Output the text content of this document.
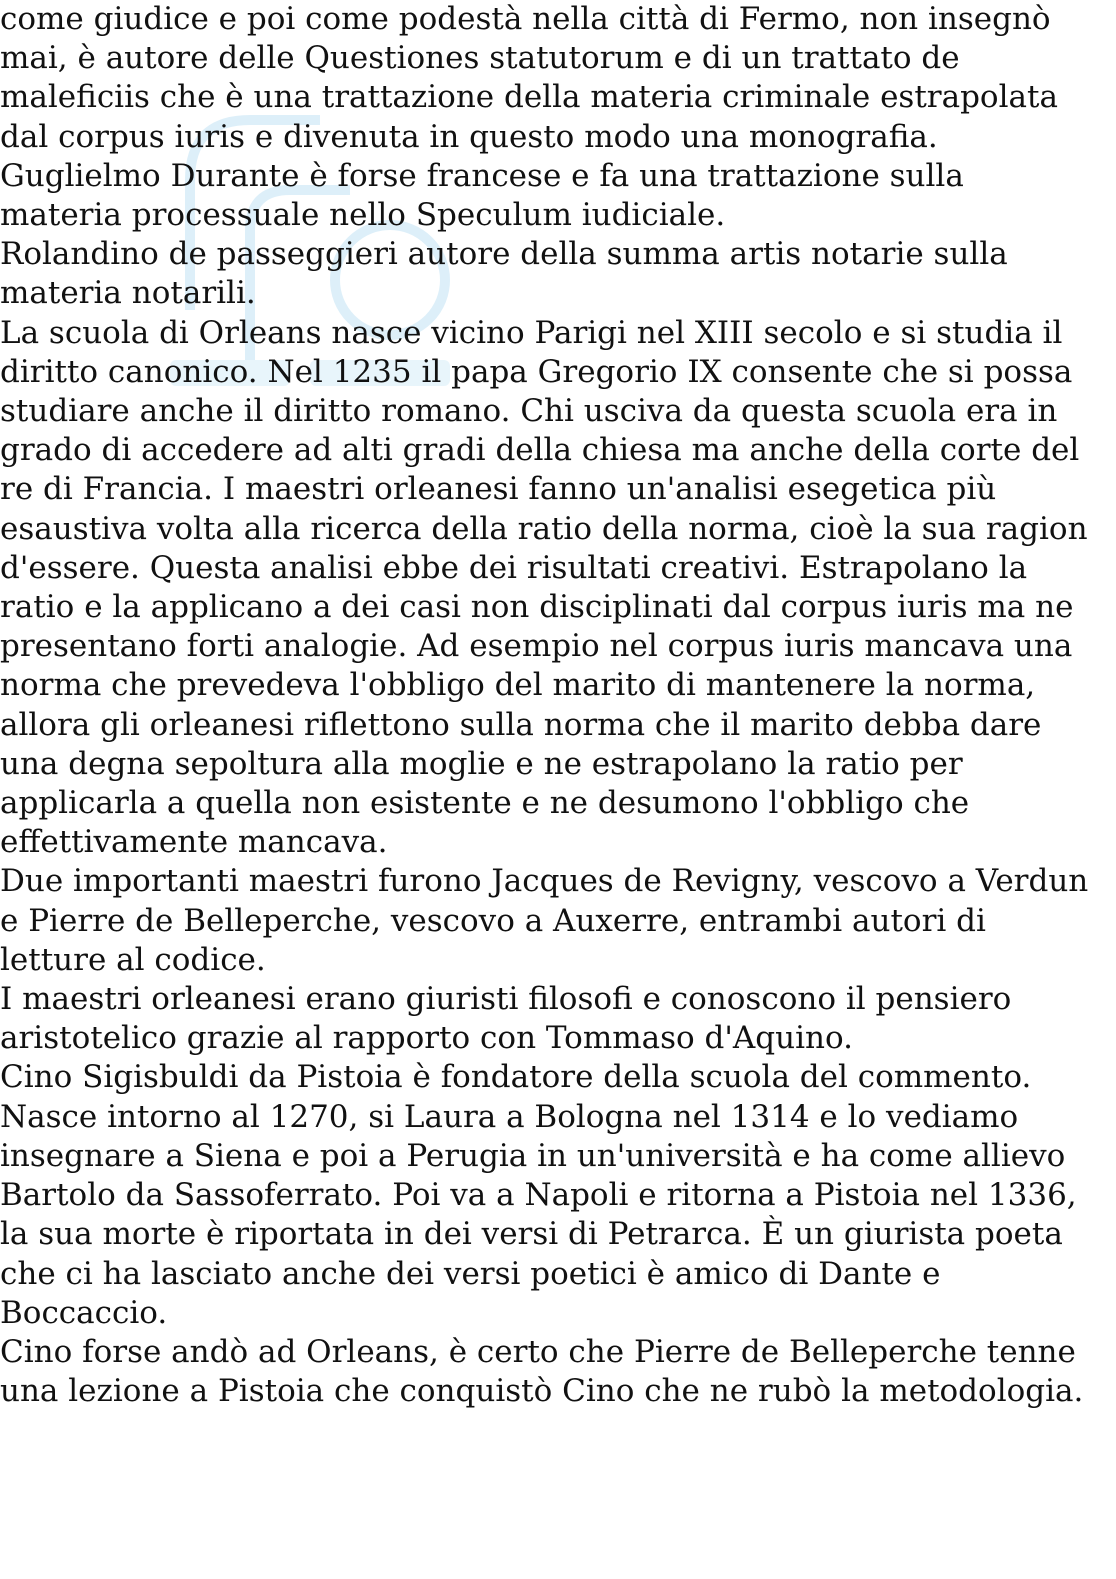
come giudice e poi come podestà nella città di Fermo, non insegnò
mai, è autore delle Questiones statutorum e di un trattato de
maleficiis che è una trattazione della materia criminale estrapolata
dal corpus iuris e divenuta in questo modo una monografia.
Guglielmo Durante è forse francese e fa una trattazione sulla
materia processuale nello Speculum iudiciale.
Rolandino de passeggieri autore della summa artis notarie sulla
materia notarili.
La scuola di Orleans nasce vicino Parigi nel XIII secolo e si studia il
diritto canonico. Nel 1235 il papa Gregorio IX consente che si possa
studiare anche il diritto romano. Chi usciva da questa scuola era in
grado di accedere ad alti gradi della chiesa ma anche della corte del
re di Francia. I maestri orleanesi fanno un'analisi esegetica più
esaustiva volta alla ricerca della ratio della norma, cioè la sua ragion
d'essere. Questa analisi ebbe dei risultati creativi. Estrapolano la
ratio e la applicano a dei casi non disciplinati dal corpus iuris ma ne
presentano forti analogie. Ad esempio nel corpus iuris mancava una
norma che prevedeva l'obbligo del marito di mantenere la norma,
allora gli orleanesi riflettono sulla norma che il marito debba dare
una degna sepoltura alla moglie e ne estrapolano la ratio per
applicarla a quella non esistente e ne desumono l'obbligo che
effettivamente mancava.
Due importanti maestri furono Jacques de Revigny, vescovo a Verdun
e Pierre de Belleperche, vescovo a Auxerre, entrambi autori di
letture al codice.
I maestri orleanesi erano giuristi filosofi e conoscono il pensiero
aristotelico grazie al rapporto con Tommaso d'Aquino.
Cino Sigisbuldi da Pistoia è fondatore della scuola del commento.
Nasce intorno al 1270, si Laura a Bologna nel 1314 e lo vediamo
insegnare a Siena e poi a Perugia in un'università e ha come allievo
Bartolo da Sassoferrato. Poi va a Napoli e ritorna a Pistoia nel 1336,
la sua morte è riportata in dei versi di Petrarca. È un giurista poeta
che ci ha lasciato anche dei versi poetici è amico di Dante e
Boccaccio.
Cino forse andò ad Orleans, è certo che Pierre de Belleperche tenne
una lezione a Pistoia che conquistò Cino che ne rubò la metodologia.
